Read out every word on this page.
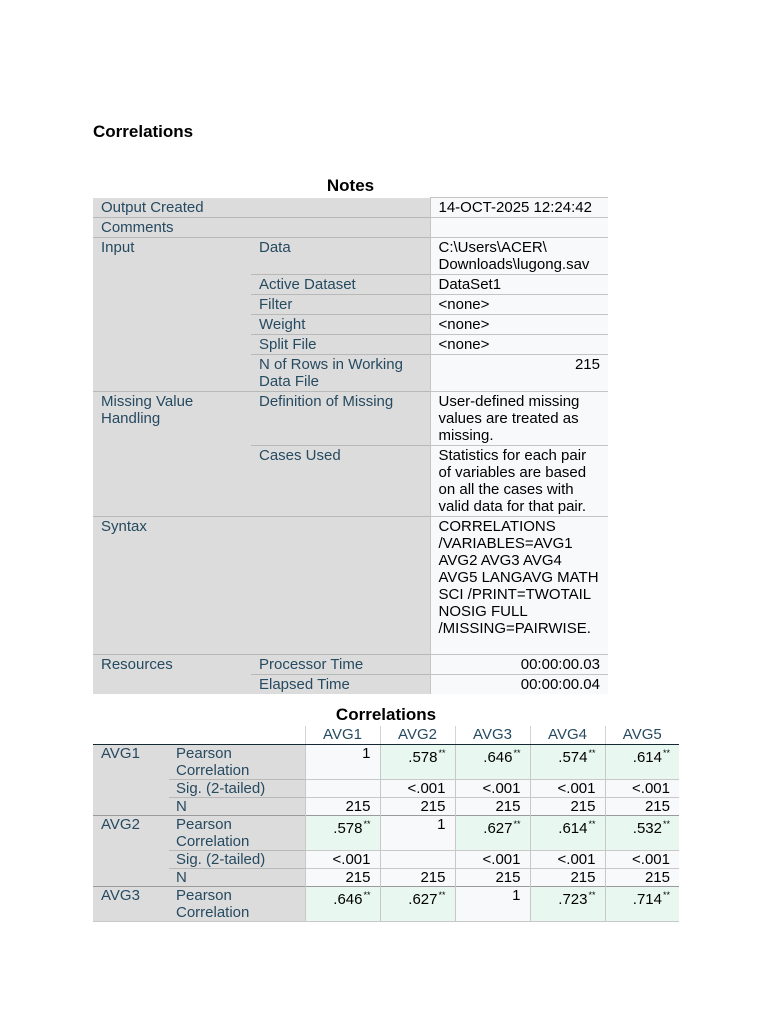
Correlations
Notes
Output Created		14-OCT-2025 12:24:42
Comments		
Input	Data	C:\Users\ACER\ Downloads\lugong.sav
	Active Dataset	DataSet1
	Filter	<none>
	Weight	<none>
	Split File	<none>
	N of Rows in Working Data File	215
Missing Value Handling	Definition of Missing	User-defined missing values are treated as missing.
	Cases Used	Statistics for each pair of variables are based on all the cases with valid data for that pair.
Syntax		CORRELATIONS /VARIABLES=AVG1 AVG2 AVG3 AVG4 AVG5 LANGAVG MATH SCI /PRINT=TWOTAIL NOSIG FULL /MISSING=PAIRWISE.
Resources	Processor Time	00:00:00.03
	Elapsed Time	00:00:00.04
Correlations
		AVG1	AVG2	AVG3	AVG4	AVG5
AVG1	Pearson Correlation	1	.578**	.646**	.574**	.614**
	Sig. (2-tailed)		<.001	<.001	<.001	<.001
	N	215	215	215	215	215
AVG2	Pearson Correlation	.578**	1	.627**	.614**	.532**
	Sig. (2-tailed)	<.001		<.001	<.001	<.001
	N	215	215	215	215	215
AVG3	Pearson Correlation	.646**	.627**	1	.723**	.714**
